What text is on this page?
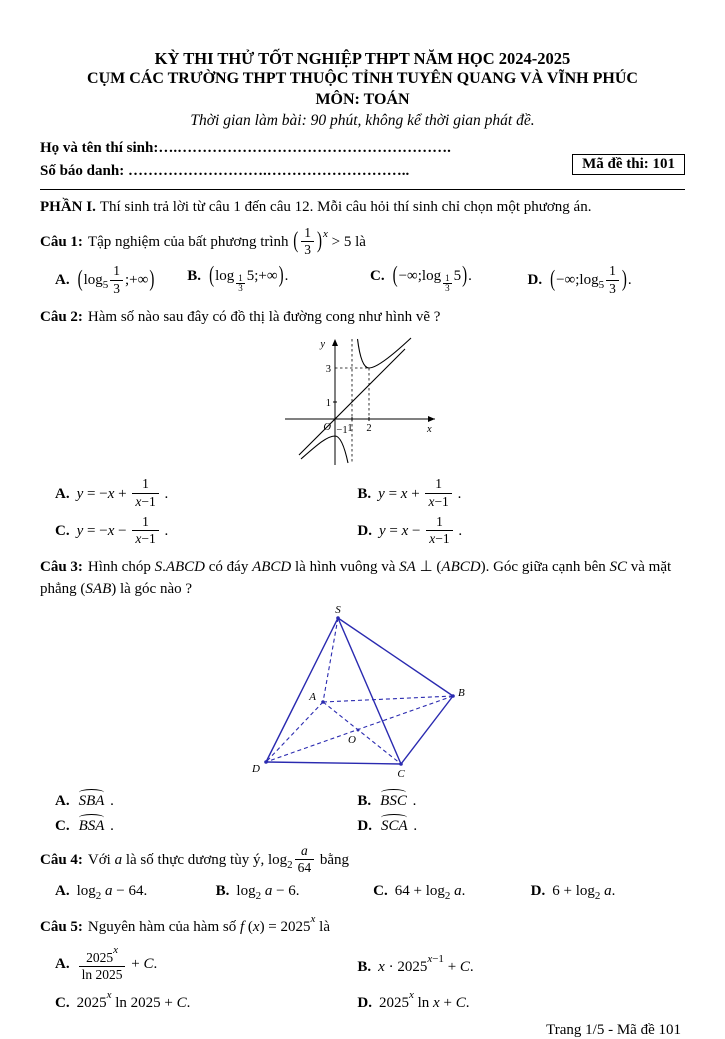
KỲ THI THỬ TỐT NGHIỆP THPT NĂM HỌC 2024-2025
CỤM CÁC TRƯỜNG THPT THUỘC TỈNH TUYÊN QUANG VÀ VĨNH PHÚC
MÔN: TOÁN
Thời gian làm bài: 90 phút, không kể thời gian phát đề.
Mã đề thi: 101
Họ và tên thí sinh:….……………………………………………….
Số báo danh: ……………………….………………………..
PHẦN I. Thí sinh trả lời từ câu 1 đến câu 12. Mỗi câu hỏi thí sinh chỉ chọn một phương án.
Câu 1: Tập nghiệm của bất phương trình ( $\frac{1}{3} )^x > 5$ là
A. ($\log_5 \frac{1}{3}$ ;+∞)	B. (log $_{\frac{1}{3}}$ 5;+∞).	C. (−∞;log $_{\frac{1}{3}}$ 5).	D. ($-\infty;\log_5 \frac{1}{3}$ ).
Câu 2: Hàm số nào sau đây có đồ thị là đường cong như hình vẽ ?
y
x
O
3
1
1 2
−1
A. $y = -x + \frac{1}{x-1}$ .	B. $y = x + \frac{1}{x-1}$ .
C. $y = -x - \frac{1}{x-1}$ .	D. $y = x - \frac{1}{x-1}$ .
Câu 3: Hình chóp S.ABCD có đáy ABCD là hình vuông và SA ⊥ (ABCD). Góc giữa cạnh bên SC và mặt phẳng (SAB) là góc nào ?
S
A	B
C
D
O
A. SBA .	B. BSC .
C. BSA .	D. SCA .
Câu 4: Với a là số thực dương tùy ý, $\log_2 \frac{a}{64}$ bằng
A. $\log_2 a - 64$.	B. $\log_2 a - 6$.	C. $64 + \log_2 a$.	D. $6 + \log_2 a$.
Câu 5: Nguyên hàm của hàm số f $(x) = 2025^x$ là
A. $\frac{2025^x}{\ln 2025} + C$.	B. $x \cdot 2025^{x-1} + C$.
C. 2025$^x$ ln 2025 + C.	D. 2025$^x$ ln x + C.
Trang 1/5 - Mã đề 101
